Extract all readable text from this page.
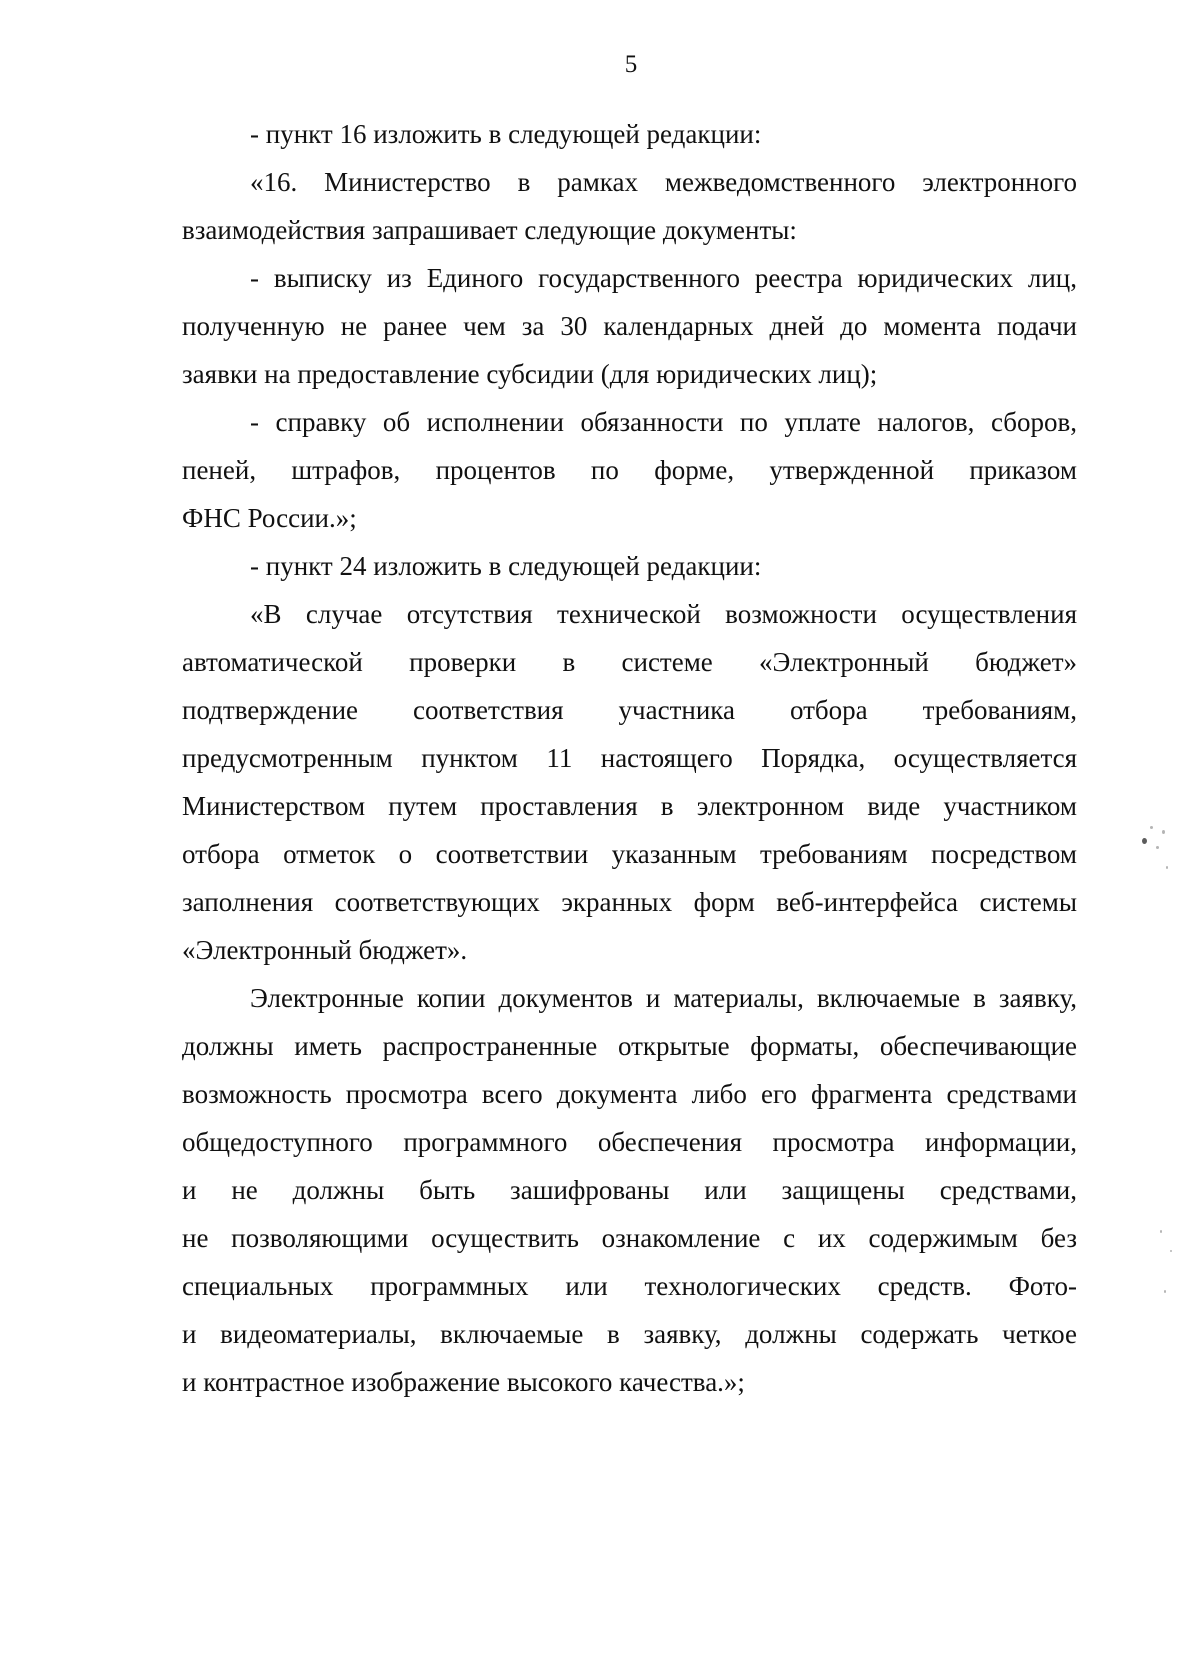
5
- пункт 16 изложить в следующей редакции:
«16. Министерство в рамках межведомственного электронного
взаимодействия запрашивает следующие документы:
- выписку из Единого государственного реестра юридических лиц,
полученную не ранее чем за 30 календарных дней до момента подачи
заявки на предоставление субсидии (для юридических лиц);
- справку об исполнении обязанности по уплате налогов, сборов,
пеней, штрафов, процентов по форме, утвержденной приказом
ФНС России.»;
- пункт 24 изложить в следующей редакции:
«В случае отсутствия технической возможности осуществления
автоматической проверки в системе «Электронный бюджет»
подтверждение соответствия участника отбора требованиям,
предусмотренным пунктом 11 настоящего Порядка, осуществляется
Министерством путем проставления в электронном виде участником
отбора отметок о соответствии указанным требованиям посредством
заполнения соответствующих экранных форм веб-интерфейса системы
«Электронный бюджет».
Электронные копии документов и материалы, включаемые в заявку,
должны иметь распространенные открытые форматы, обеспечивающие
возможность просмотра всего документа либо его фрагмента средствами
общедоступного программного обеспечения просмотра информации,
и не должны быть зашифрованы или защищены средствами,
не позволяющими осуществить ознакомление с их содержимым без
специальных программных или технологических средств. Фото-
и видеоматериалы, включаемые в заявку, должны содержать четкое
и контрастное изображение высокого качества.»;
